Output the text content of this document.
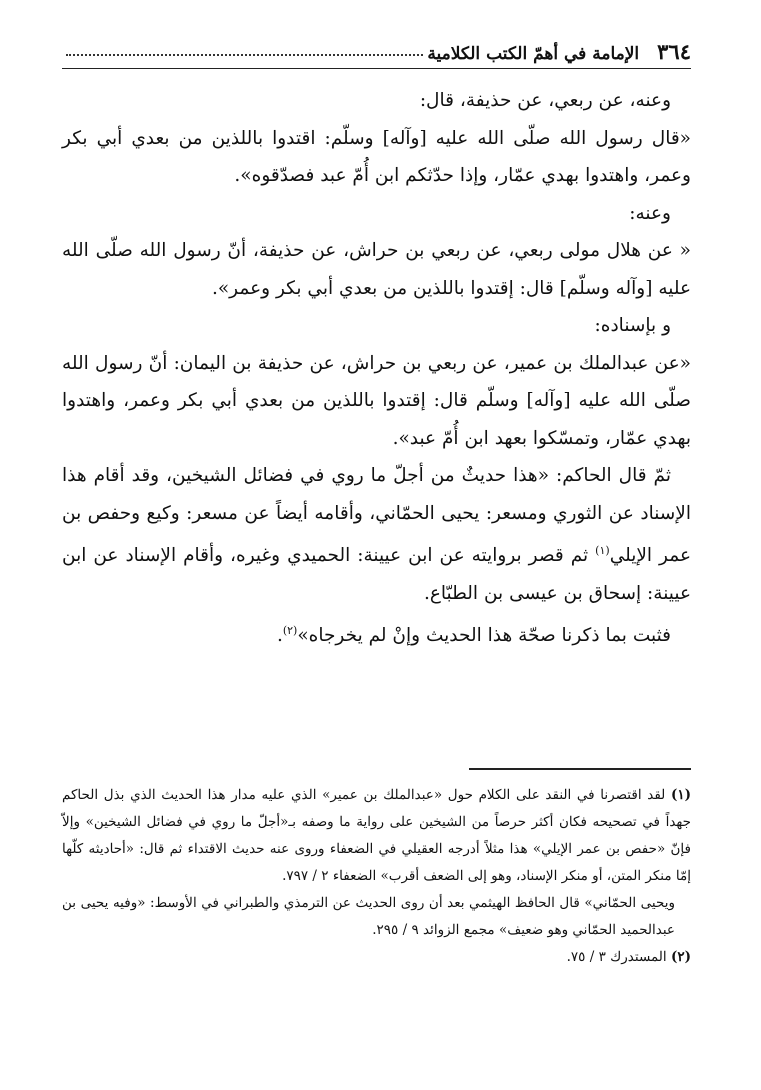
٣٦٤
الإمامة في أهمّ الكتب الكلامية

وعنه، عن ربعي، عن حذيفة، قال:

«قال رسول الله صلّى الله عليه [وآله] وسلّم: اقتدوا باللذين من بعدي أبي بكر وعمر، واهتدوا بهدي عمّار، وإذا حدّثكم ابن أُمّ عبد فصدّقوه».

وعنه:

« عن هلال مولى ربعي، عن ربعي بن حراش، عن حذيفة، أنّ رسول الله صلّى الله عليه [وآله وسلّم] قال: إقتدوا باللذين من بعدي أبي بكر وعمر».

و بإسناده:

«عن عبدالملك بن عمير، عن ربعي بن حراش، عن حذيفة بن اليمان: أنّ رسول الله صلّى الله عليه [وآله] وسلّم قال: إقتدوا باللذين من بعدي أبي بكر وعمر، واهتدوا بهدي عمّار، وتمسّكوا بعهد ابن أُمّ عبد».

ثمّ قال الحاكم: «هذا حديثٌ من أجلّ ما روي في فضائل الشيخين، وقد أقام هذا الإسناد عن الثوري ومسعر: يحيى الحمّاني، وأقامه أيضاً عن مسعر: وكيع وحفص بن عمر الإيلي$^{(١)}$ ثم قصر بروايته عن ابن عيينة: الحميدي وغيره، وأقام الإسناد عن ابن عيينة: إسحاق بن عيسى بن الطبّاع.

فثبت بما ذكرنا صحّة هذا الحديث وإنْ لم يخرجاه»$^{(٢)}$.

(١) لقد اقتصرنا في النقد على الكلام حول «عبدالملك بن عمير» الذي عليه مدار هذا الحديث الذي بذل الحاكم جهداً في تصحيحه فكان أكثر حرصاً من الشيخين على رواية ما وصفه بـ«أجلّ ما روي في فضائل الشيخين» وإلاّ فإنّ «حفص بن عمر الإيلي» هذا مثلاً أدرجه العقيلي في الضعفاء وروى عنه حديث الاقتداء ثم قال: «أحاديثه كلّها إمّا منكر المتن، أو منكر الإسناد، وهو إلى الضعف أقرب» الضعفاء ٢ / ٧٩٧.

ويحيى الحمّاني» قال الحافظ الهيثمي بعد أن روى الحديث عن الترمذي والطبراني في الأوسط: «وفيه يحيى بن عبدالحميد الحمّاني وهو ضعيف» مجمع الزوائد ٩ / ٢٩٥.

(٢) المستدرك ٣ / ٧٥.
